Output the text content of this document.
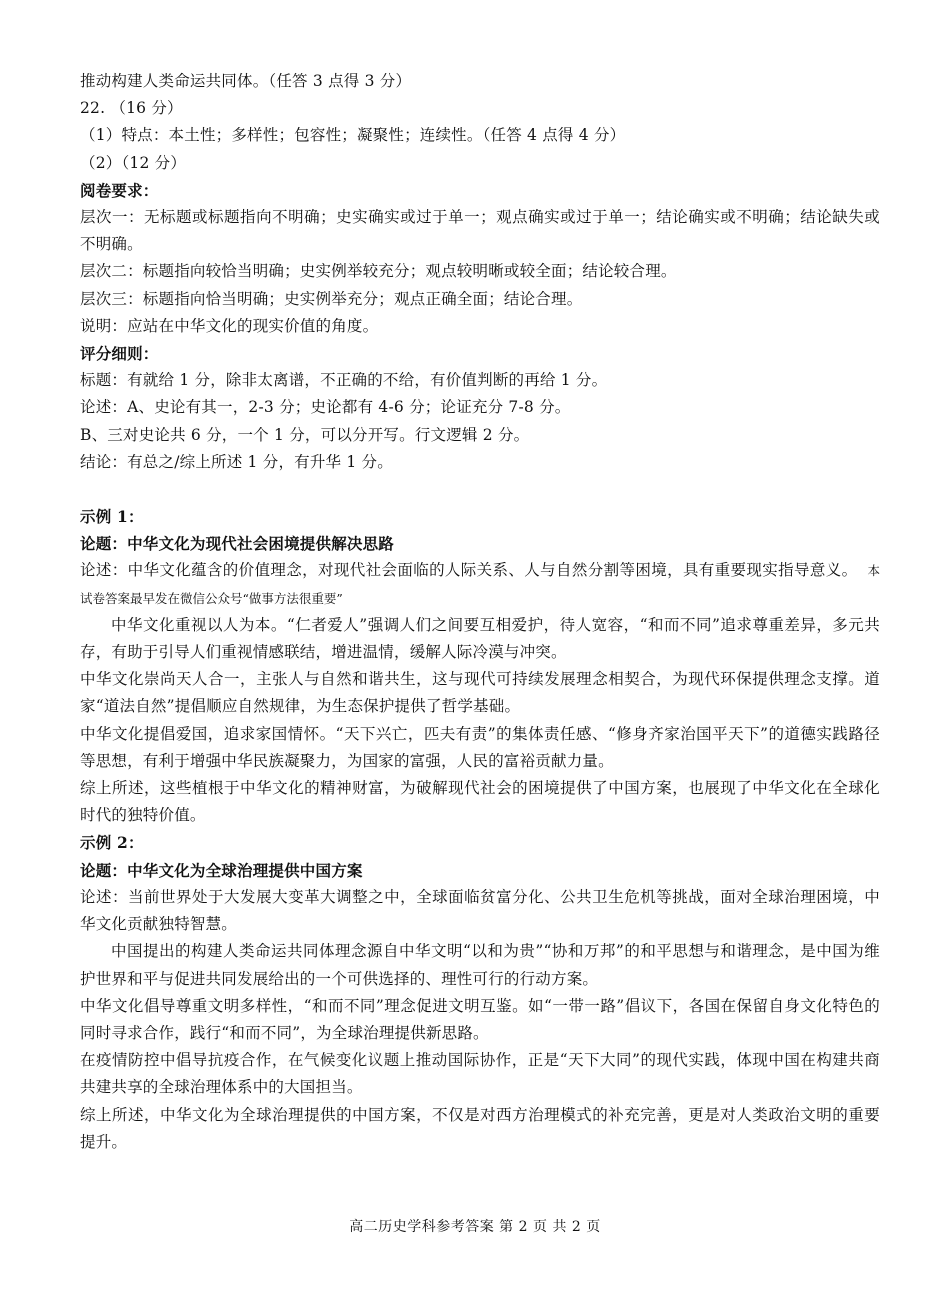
推动构建人类命运共同体。（任答 3 点得 3 分）

22. （16 分）

（1）特点：本土性；多样性；包容性；凝聚性；连续性。（任答 4 点得 4 分）

（2）（12 分）

阅卷要求：

层次一：无标题或标题指向不明确；史实确实或过于单一；观点确实或过于单一；结论确实或不明确；结论缺失或不明确。

层次二：标题指向较恰当明确；史实例举较充分；观点较明晰或较全面；结论较合理。

层次三：标题指向恰当明确；史实例举充分；观点正确全面；结论合理。

说明：应站在中华文化的现实价值的角度。

评分细则：

标题：有就给 1 分，除非太离谱，不正确的不给，有价值判断的再给 1 分。

论述：A、史论有其一，2-3 分；史论都有 4-6 分；论证充分 7-8 分。

B、三对史论共 6 分，一个 1 分，可以分开写。行文逻辑 2 分。

结论：有总之/综上所述 1 分，有升华 1 分。

示例 1：

论题：中华文化为现代社会困境提供解决思路

论述：中华文化蕴含的价值理念，对现代社会面临的人际关系、人与自然分割等困境，具有重要现实指导意义。 本试卷答案最早发在微信公众号“做事方法很重要”

中华文化重视以人为本。“仁者爱人”强调人们之间要互相爱护，待人宽容，“和而不同”追求尊重差异，多元共存，有助于引导人们重视情感联结，增进温情，缓解人际冷漠与冲突。

中华文化崇尚天人合一，主张人与自然和谐共生，这与现代可持续发展理念相契合，为现代环保提供理念支撑。道家“道法自然”提倡顺应自然规律，为生态保护提供了哲学基础。

中华文化提倡爱国，追求家国情怀。“天下兴亡，匹夫有责”的集体责任感、“修身齐家治国平天下”的道德实践路径等思想，有利于增强中华民族凝聚力，为国家的富强，人民的富裕贡献力量。

综上所述，这些植根于中华文化的精神财富，为破解现代社会的困境提供了中国方案，也展现了中华文化在全球化时代的独特价值。

示例 2：

论题：中华文化为全球治理提供中国方案

论述：当前世界处于大发展大变革大调整之中，全球面临贫富分化、公共卫生危机等挑战，面对全球治理困境，中华文化贡献独特智慧。

中国提出的构建人类命运共同体理念源自中华文明“以和为贵”“协和万邦”的和平思想与和谐理念，是中国为维护世界和平与促进共同发展给出的一个可供选择的、理性可行的行动方案。

中华文化倡导尊重文明多样性，“和而不同”理念促进文明互鉴。如“一带一路”倡议下，各国在保留自身文化特色的同时寻求合作，践行“和而不同”，为全球治理提供新思路。

在疫情防控中倡导抗疫合作，在气候变化议题上推动国际协作，正是“天下大同”的现代实践，体现中国在构建共商共建共享的全球治理体系中的大国担当。

综上所述，中华文化为全球治理提供的中国方案，不仅是对西方治理模式的补充完善，更是对人类政治文明的重要提升。

高二历史学科参考答案 第 2 页 共 2 页
